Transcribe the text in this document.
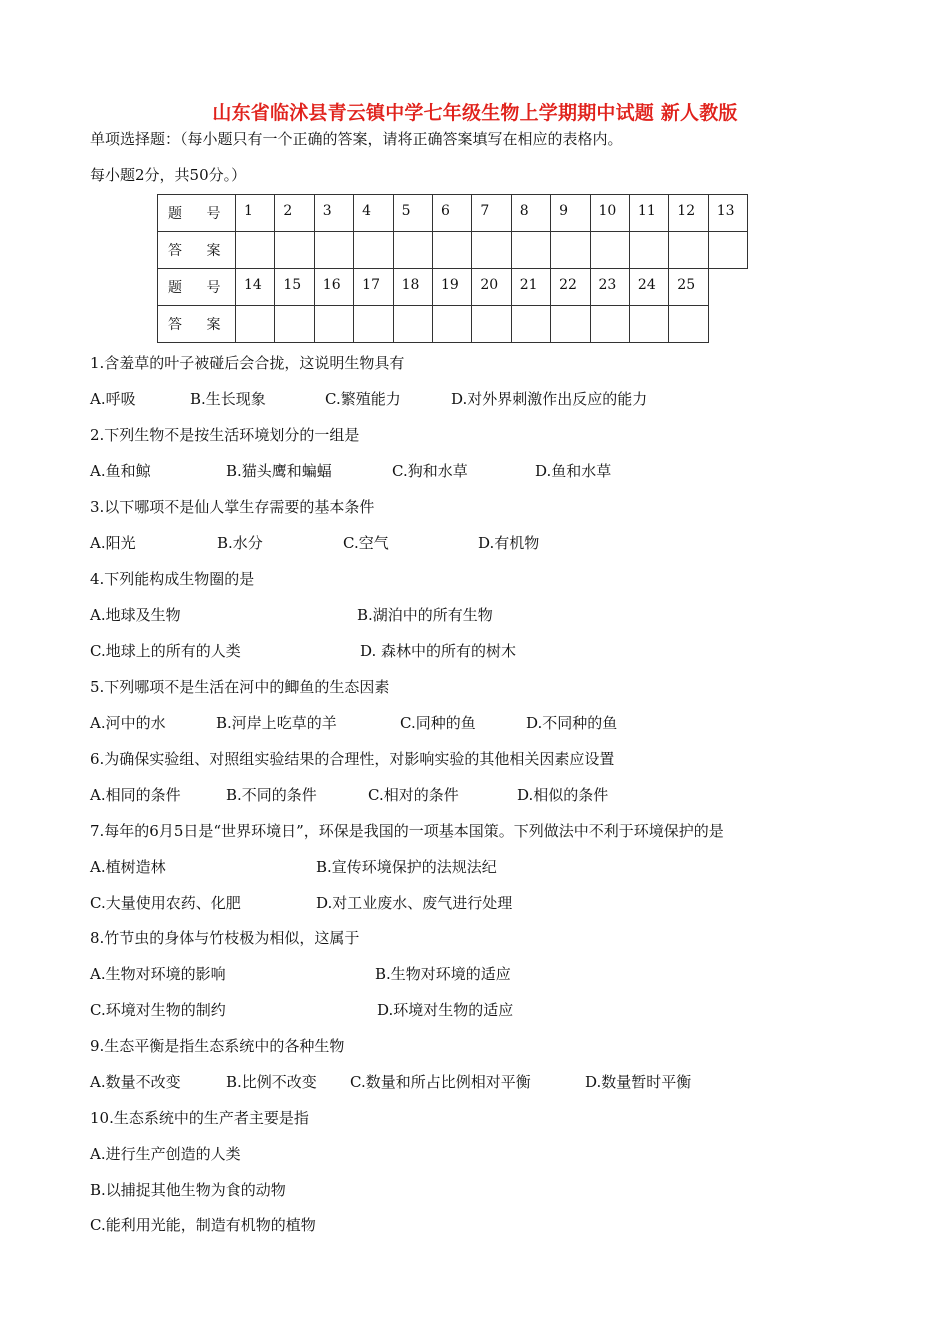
山东省临沭县青云镇中学七年级生物上学期期中试题 新人教版
单项选择题：（每小题只有一个正确的答案，请将正确答案填写在相应的表格内。
每小题2分，共50分。）
题 号	1	2	3	4	5	6	7	8	9	10	11	12	13
答 案													
题 号	14	15	16	17	18	19	20	21	22	23	24	25	
答 案													
1.含羞草的叶子被碰后会合拢，这说明生物具有
A.呼吸	B.生长现象	C.繁殖能力	D.对外界刺激作出反应的能力
2.下列生物不是按生活环境划分的一组是
A.鱼和鲸	B.猫头鹰和蝙蝠	C.狗和水草	D.鱼和水草
3.以下哪项不是仙人掌生存需要的基本条件
A.阳光	B.水分	C.空气	D.有机物
4.下列能构成生物圈的是
A.地球及生物	B.湖泊中的所有生物
C.地球上的所有的人类	D. 森林中的所有的树木
5.下列哪项不是生活在河中的鲫鱼的生态因素
A.河中的水	B.河岸上吃草的羊	C.同种的鱼	D.不同种的鱼
6.为确保实验组、对照组实验结果的合理性，对影响实验的其他相关因素应设置
A.相同的条件	B.不同的条件	C.相对的条件	D.相似的条件
7.每年的6月5日是“世界环境日”，环保是我国的一项基本国策。下列做法中不利于环境保护的是
A.植树造林	B.宣传环境保护的法规法纪
C.大量使用农药、化肥	D.对工业废水、废气进行处理
8.竹节虫的身体与竹枝极为相似，这属于
A.生物对环境的影响	B.生物对环境的适应
C.环境对生物的制约	D.环境对生物的适应
9.生态平衡是指生态系统中的各种生物
A.数量不改变	B.比例不改变 C.数量和所占比例相对平衡	D.数量暂时平衡
10.生态系统中的生产者主要是指
A.进行生产创造的人类
B.以捕捉其他生物为食的动物
C.能利用光能，制造有机物的植物
